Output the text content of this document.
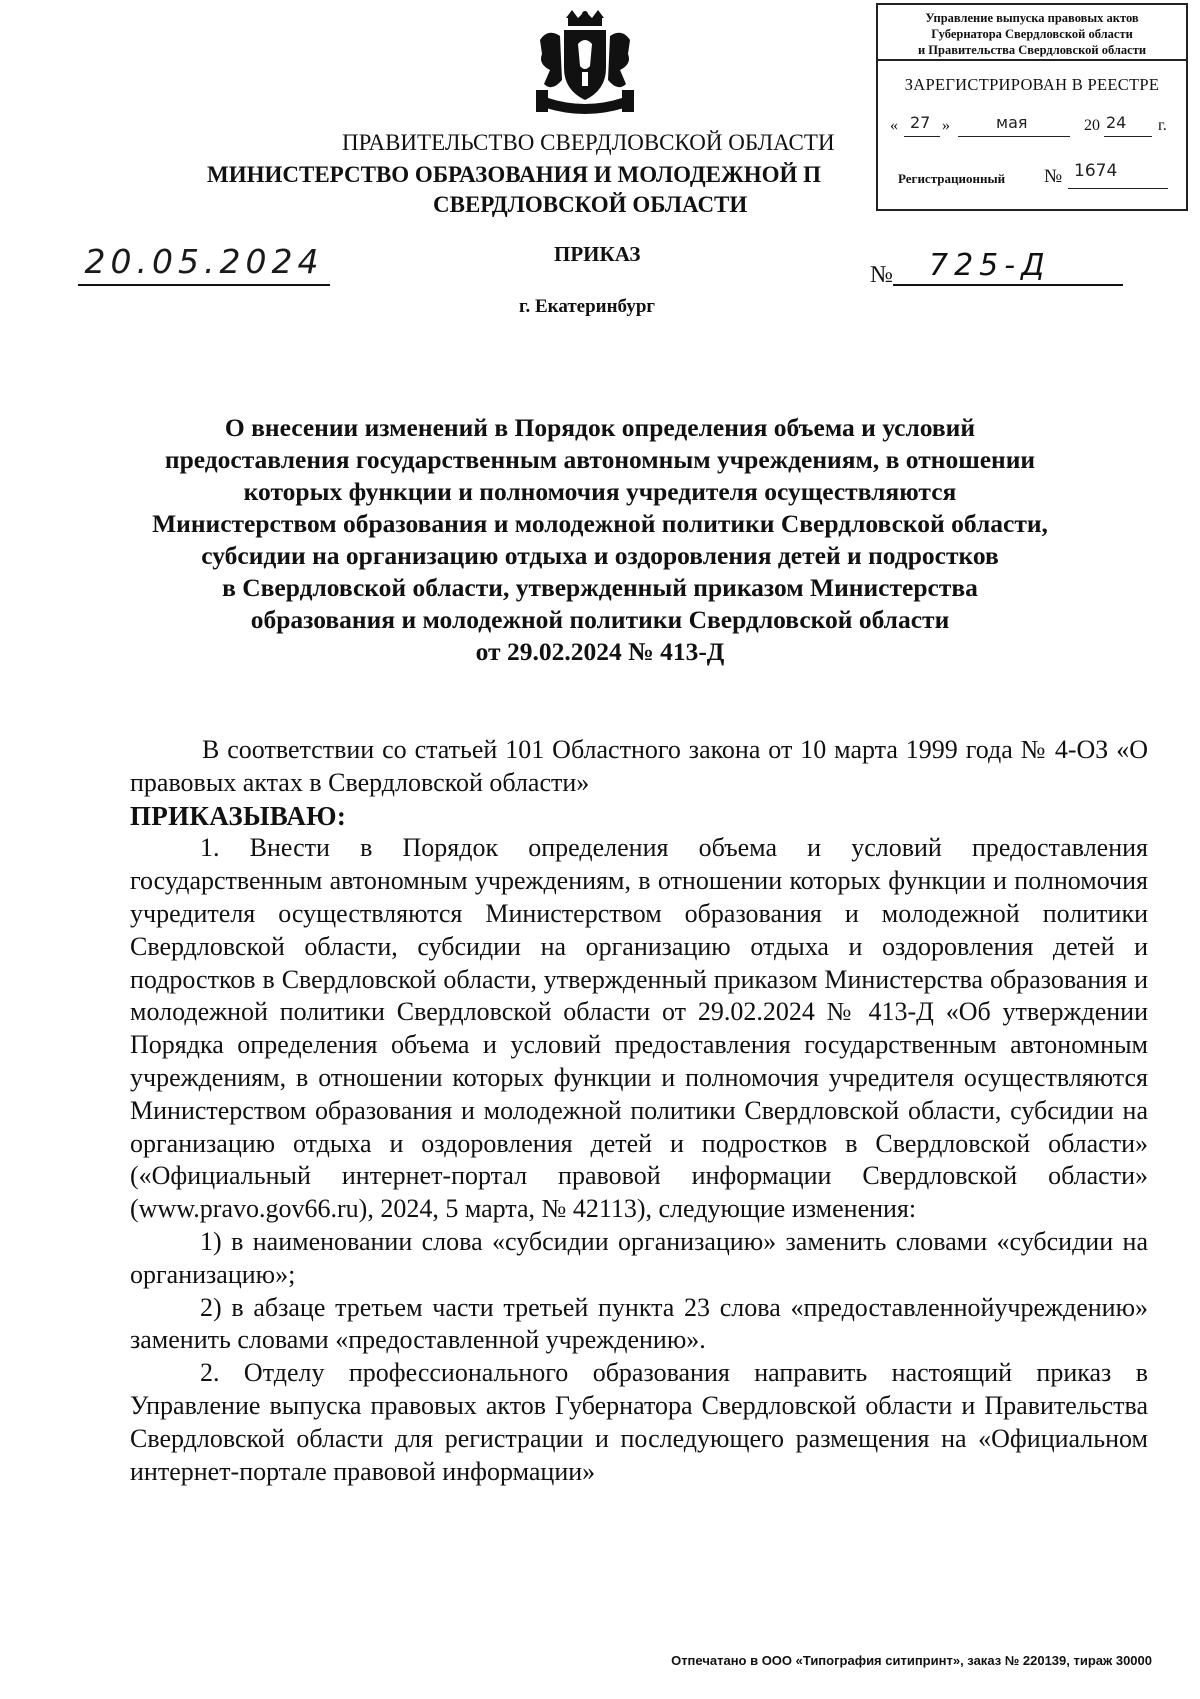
Управление выпуска правовых актов
Губернатора Свердловской области
и Правительства Свердловской области
ЗАРЕГИСТРИРОВАН В РЕЕСТРЕ
« 27 »	мая	20 24 г.
Регистрационный № 1674
ПРАВИТЕЛЬСТВО СВЕРДЛОВСКОЙ ОБЛАСТИ
МИНИСТЕРСТВО ОБРАЗОВАНИЯ И МОЛОДЕЖНОЙ П
СВЕРДЛОВСКОЙ ОБЛАСТИ
ПРИКАЗ
г. Екатеринбург
20.05.2024	№	725-Д
О внесении изменений в Порядок определения объема и условий
предоставления государственным автономным учреждениям, в отношении
которых функции и полномочия учредителя осуществляются
Министерством образования и молодежной политики Свердловской области,
субсидии на организацию отдыха и оздоровления детей и подростков
в Свердловской области, утвержденный приказом Министерства
образования и молодежной политики Свердловской области
от 29.02.2024 № 413-Д
В соответствии со статьей 101 Областного закона от 10 марта 1999 года № 4-ОЗ «О правовых актах в Свердловской области»
ПРИКАЗЫВАЮ:
1. Внести в Порядок определения объема и условий предоставления государственным автономным учреждениям, в отношении которых функции и полномочия учредителя осуществляются Министерством образования и молодежной политики Свердловской области, субсидии на организацию отдыха и оздоровления детей и подростков в Свердловской области, утвержденный приказом Министерства образования и молодежной политики Свердловской области от 29.02.2024 № 413-Д «Об утверждении Порядка определения объема и условий предоставления государственным автономным учреждениям, в отношении которых функции и полномочия учредителя осуществляются Министерством образования и молодежной политики Свердловской области, субсидии на организацию отдыха и оздоровления детей и подростков в Свердловской области» («Официальный интернет-портал правовой информации Свердловской области» (www.pravo.gov66.ru), 2024, 5 марта, № 42113), следующие изменения:
1) в наименовании слова «субсидии организацию» заменить словами «субсидии на организацию»;
2) в абзаце третьем части третьей пункта 23 слова «предоставленнойучреждению» заменить словами «предоставленной учреждению».
2. Отделу профессионального образования направить настоящий приказ в Управление выпуска правовых актов Губернатора Свердловской области и Правительства Свердловской области для регистрации и последующего размещения на «Официальном интернет-портале правовой информации»
Отпечатано в ООО «Типография ситипринт», заказ № 220139, тираж 30000
